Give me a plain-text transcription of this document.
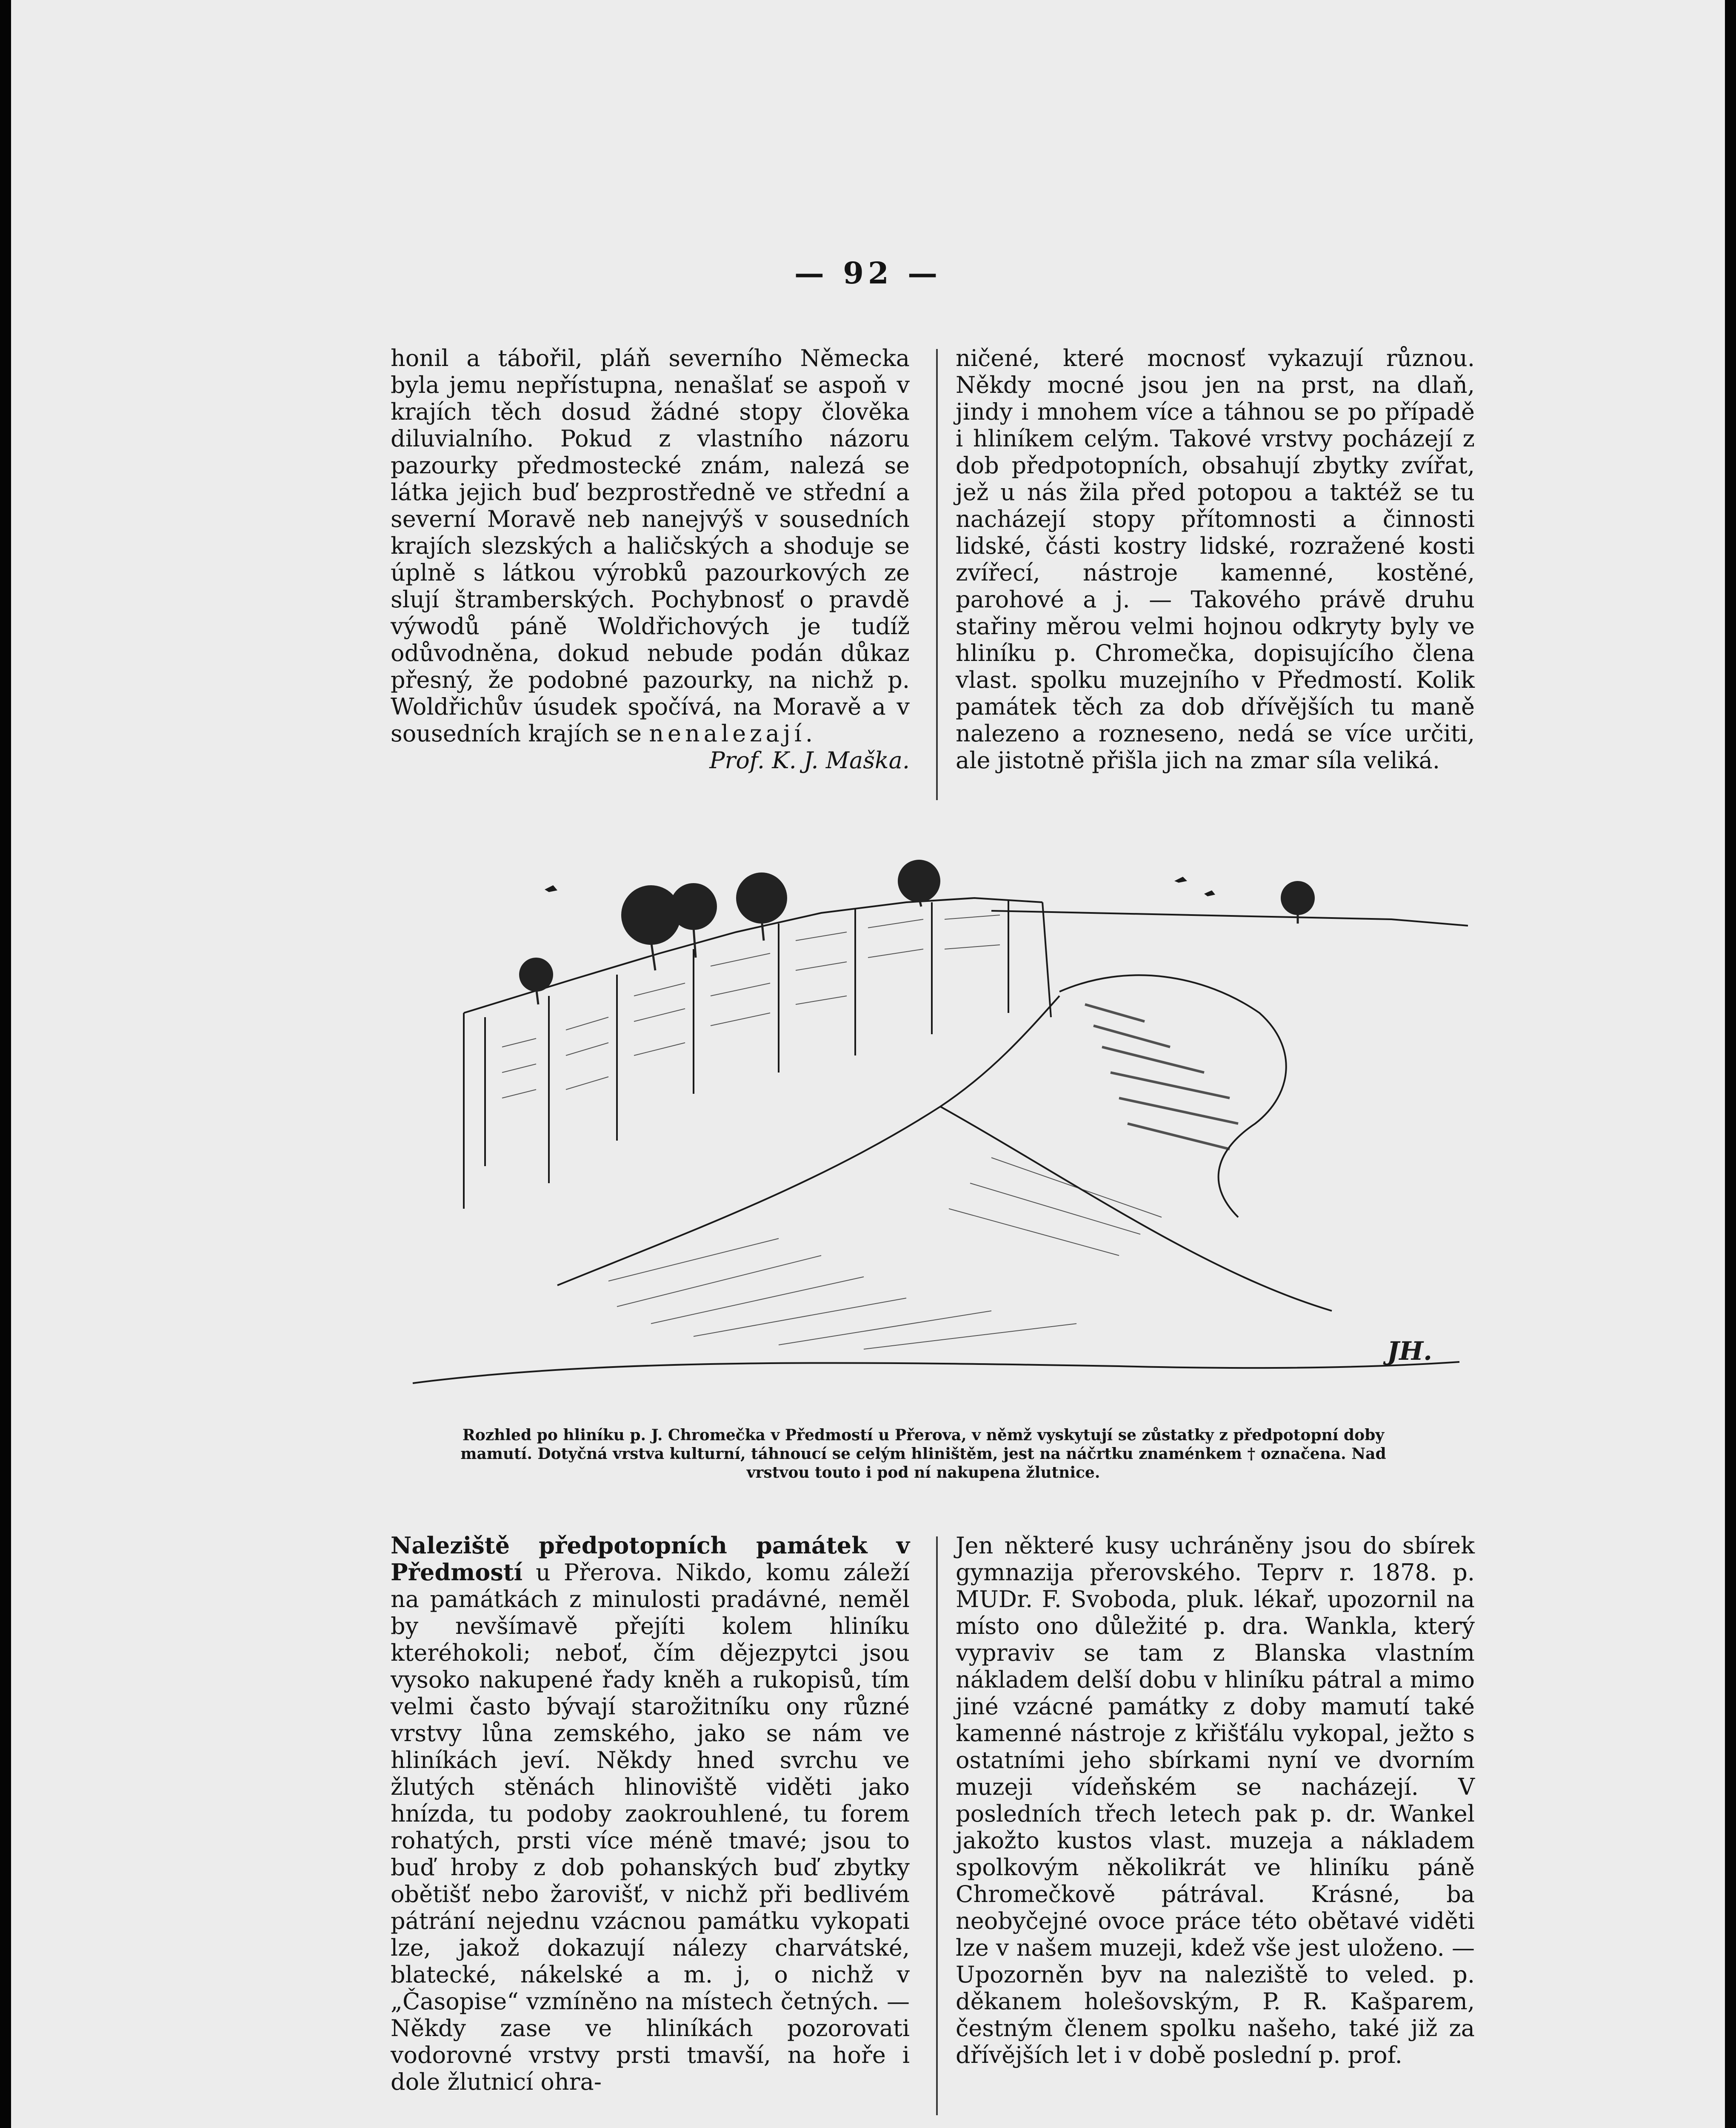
— 92 —

honil a tábořil, pláň severního Německa byla jemu nepřístupna, nenašlať se aspoň v krajích těch dosud žádné stopy člověka diluvialního. Pokud z vlastního názoru pazourky předmostecké znám, nalezá se látka jejich buď bezprostředně ve střední a severní Moravě neb nanejvýš v sousedních krajích slezských a haličských a shoduje se úplně s látkou výrobků pazourkových ze slují štramberských. Pochybnosť o pravdě výwodů páně Woldřichových je tudíž odůvodněna, dokud nebude podán důkaz přesný, že podobné pazourky, na nichž p. Woldřichův úsudek spočívá, na Moravě a v sousedních krajích se nenalezají.

Prof. K. J. Maška.

ničené, které mocnosť vykazují různou. Někdy mocné jsou jen na prst, na dlaň, jindy i mnohem více a táhnou se po případě i hliníkem celým. Takové vrstvy pocházejí z dob předpotopních, obsahují zbytky zvířat, jež u nás žila před potopou a taktéž se tu nacházejí stopy přítomnosti a činnosti lidské, části kostry lidské, rozražené kosti zvířecí, nástroje kamenné, kostěné, parohové a j. — Takového právě druhu stařiny měrou velmi hojnou odkryty byly ve hliníku p. Chromečka, dopisujícího člena vlast. spolku muzejního v Předmostí. Kolik památek těch za dob dřívějších tu maně nalezeno a rozneseno, nedá se více určiti, ale jistotně přišla jich na zmar síla veliká.

JH.
Rozhled po hliníku p. J. Chromečka v Předmostí u Přerova, v němž vyskytují se zůstatky z předpotopní doby mamutí. Dotyčná vrstva kulturní, táhnoucí se celým hliništěm, jest na náčrtku znaménkem † označena. Nad vrstvou touto i pod ní nakupena žlutnice.

Naleziště předpotopních památek v Předmostí u Přerova. Nikdo, komu záleží na památkách z minulosti pradávné, neměl by nevšímavě přejíti kolem hliníku kteréhokoli; neboť, čím dějezpytci jsou vysoko nakupené řady kněh a rukopisů, tím velmi často bývají starožitníku ony různé vrstvy lůna zemského, jako se nám ve hliníkách jeví. Někdy hned svrchu ve žlutých stěnách hlinoviště viděti jako hnízda, tu podoby zaokrouhlené, tu forem rohatých, prsti více méně tmavé; jsou to buď hroby z dob pohanských buď zbytky obětišť nebo žarovišť, v nichž při bedlivém pátrání nejednu vzácnou památku vykopati lze, jakož dokazují nálezy charvátské, blatecké, nákelské a m. j, o nichž v „Časopise“ vzmíněno na místech četných. — Někdy zase ve hliníkách pozorovati vodorovné vrstvy prsti tmavší, na hoře i dole žlutnicí ohra-

Jen některé kusy uchráněny jsou do sbírek gymnazija přerovského. Teprv r. 1878. p. MUDr. F. Svoboda, pluk. lékař, upozornil na místo ono důležité p. dra. Wankla, který vypraviv se tam z Blanska vlastním nákladem delší dobu v hliníku pátral a mimo jiné vzácné památky z doby mamutí také kamenné nástroje z křišťálu vykopal, ježto s ostatními jeho sbírkami nyní ve dvorním muzeji vídeňském se nacházejí. V posledních třech letech pak p. dr. Wankel jakožto kustos vlast. muzeja a nákladem spolkovým několikrát ve hliníku páně Chromečkově pátrával. Krásné, ba neobyčejné ovoce práce této obětavé viděti lze v našem muzeji, kdež vše jest uloženo. — Upozorněn byv na naleziště to veled. p. děkanem holešovským, P. R. Kašparem, čestným členem spolku našeho, také již za dřívějších let i v době poslední p. prof.
